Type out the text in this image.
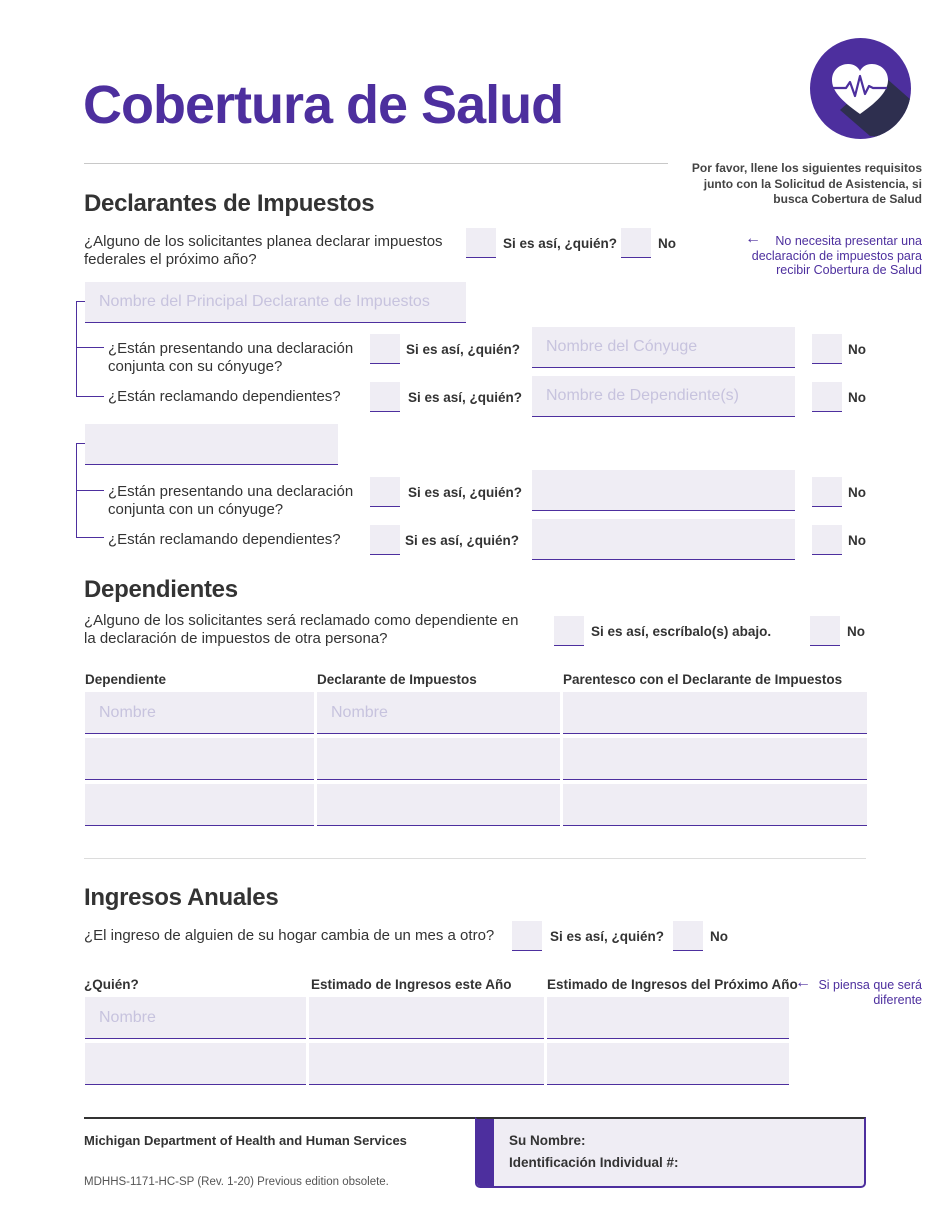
Cobertura de Salud
Por favor, llene los siguientes requisitos junto con la Solicitud de Asistencia, si busca Cobertura de Salud
Declarantes de Impuestos
¿Alguno de los solicitantes planea declarar impuestos federales el próximo año?
Si es así, ¿quién?	No	← No necesita presentar una declaración de impuestos para recibir Cobertura de Salud
Nombre del Principal Declarante de Impuestos
¿Están presentando una declaración conjunta con su cónyuge?
Si es así, ¿quién?	Nombre del Cónyuge	No
¿Están reclamando dependientes?	Si es así, ¿quién?	Nombre de Dependiente(s)	No
¿Están presentando una declaración conjunta con un cónyuge?
Si es así, ¿quién?	No
¿Están reclamando dependientes?	Si es así, ¿quién?	No
Dependientes
¿Alguno de los solicitantes será reclamado como dependiente en la declaración de impuestos de otra persona?	Si es así, escríbalo(s) abajo.	No
Dependiente	Declarante de Impuestos	Parentesco con el Declarante de Impuestos
Nombre	Nombre
Ingresos Anuales
¿El ingreso de alguien de su hogar cambia de un mes a otro?	Si es así, ¿quién?	No
¿Quién?	Estimado de Ingresos este Año	Estimado de Ingresos del Próximo Año
← Si piensa que será diferente
Nombre
Michigan Department of Health and Human Services
MDHHS-1171-HC-SP (Rev. 1-20) Previous edition obsolete.
Su Nombre:
Identificación Individual #:
